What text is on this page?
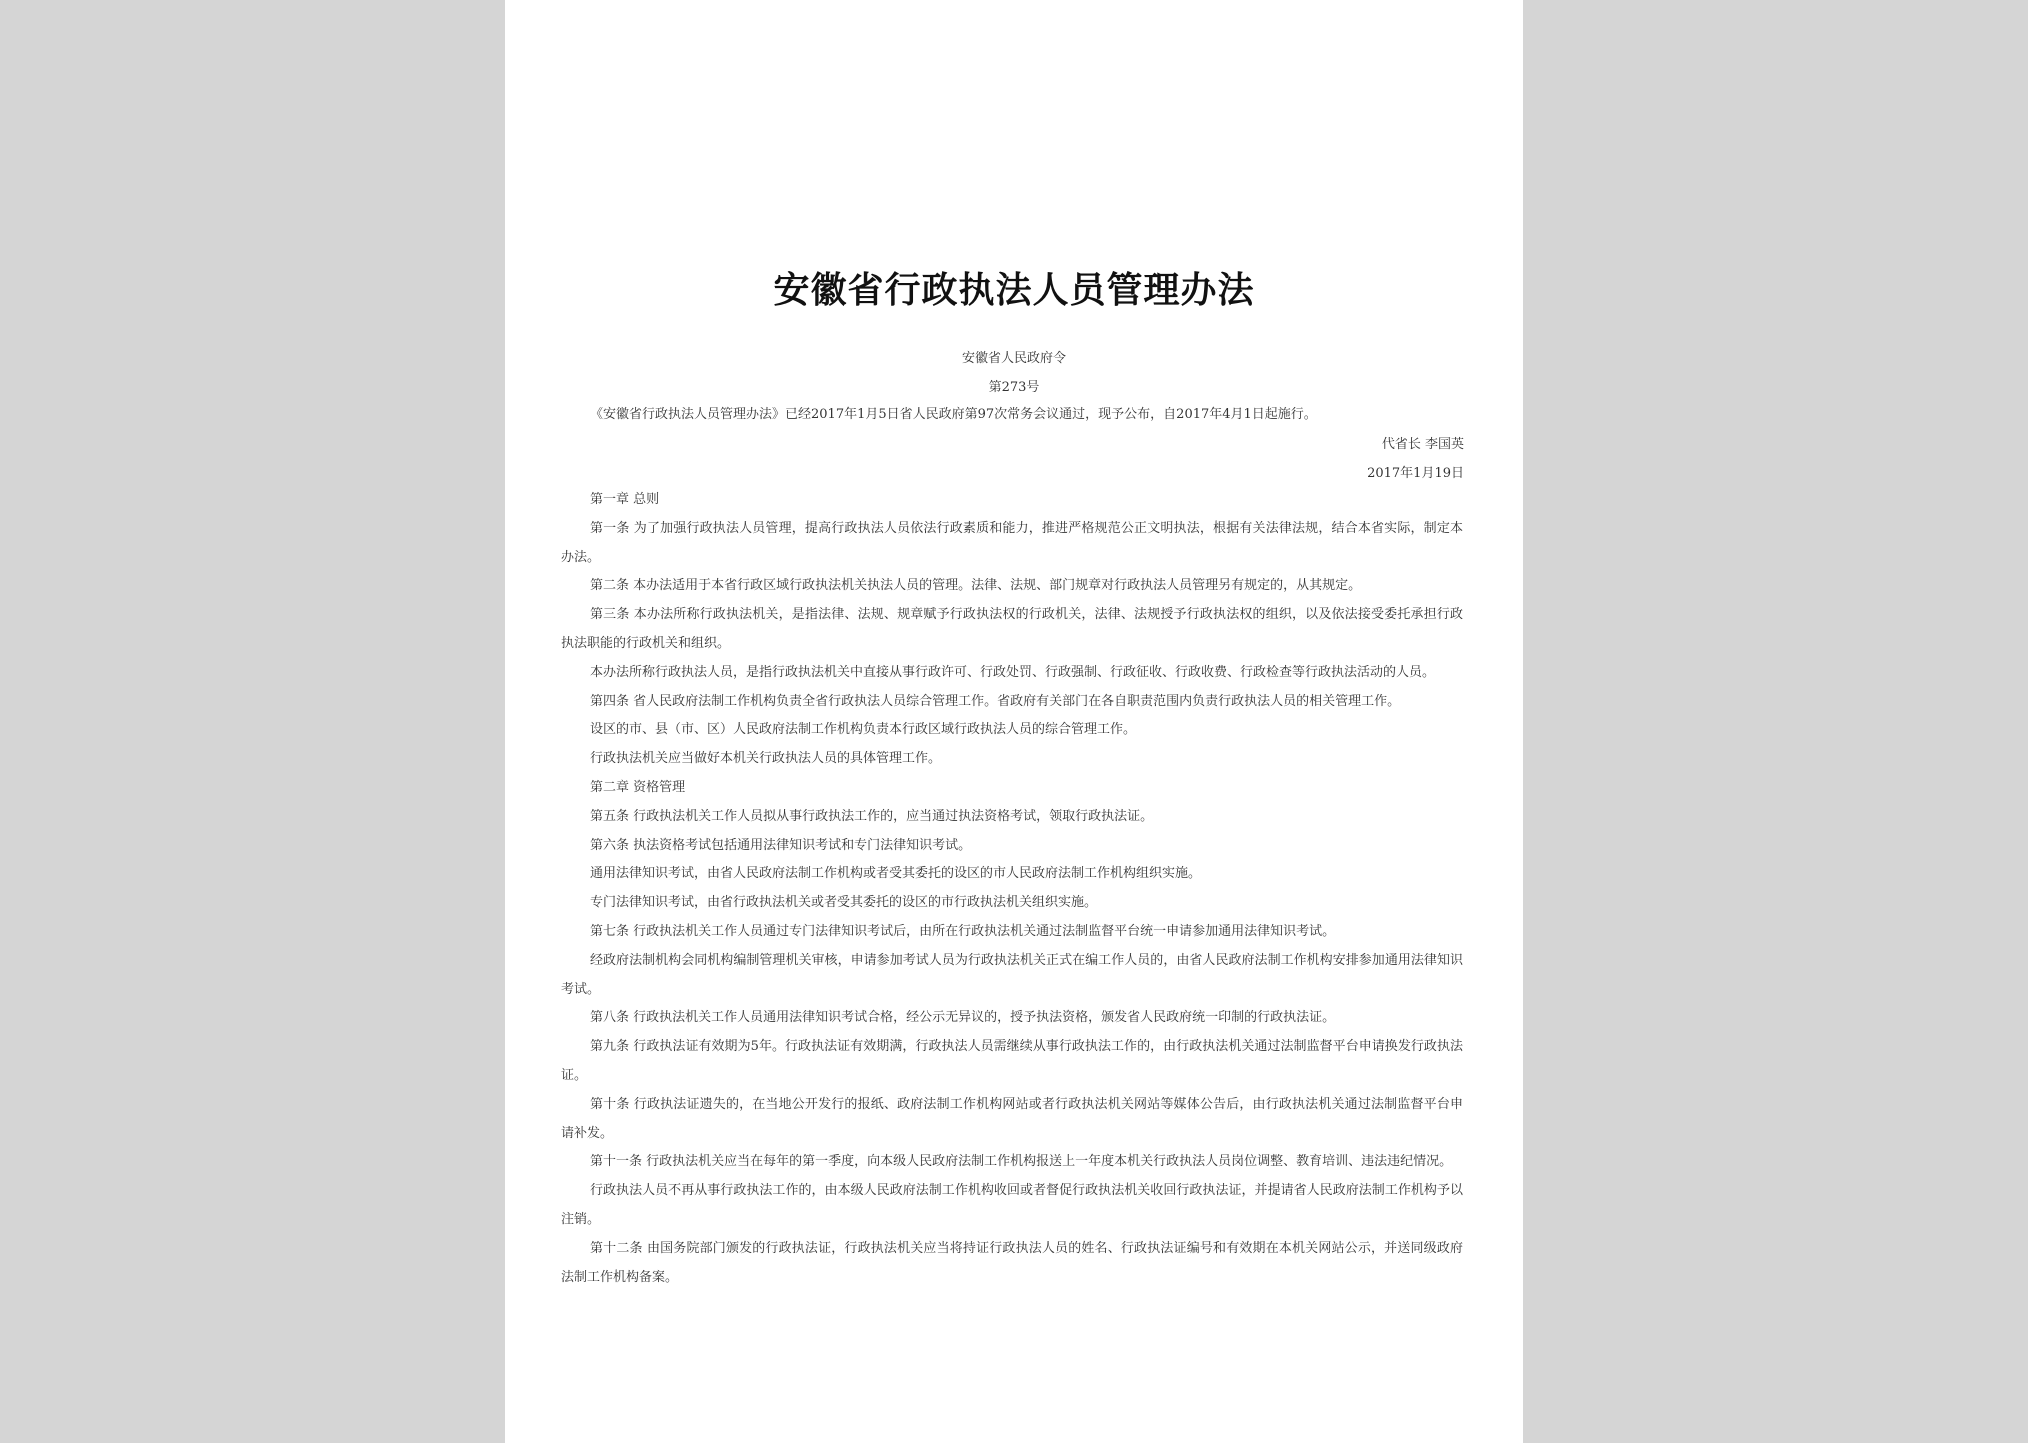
安徽省行政执法人员管理办法
安徽省人民政府令
第273号
《安徽省行政执法人员管理办法》已经2017年1月5日省人民政府第97次常务会议通过，现予公布，自2017年4月1日起施行。
代省长 李国英
2017年1月19日

第一章 总则

第一条 为了加强行政执法人员管理，提高行政执法人员依法行政素质和能力，推进严格规范公正文明执法，根据有关法律法规，结合本省实际，制定本办法。

第二条 本办法适用于本省行政区域行政执法机关执法人员的管理。法律、法规、部门规章对行政执法人员管理另有规定的，从其规定。

第三条 本办法所称行政执法机关，是指法律、法规、规章赋予行政执法权的行政机关，法律、法规授予行政执法权的组织，以及依法接受委托承担行政执法职能的行政机关和组织。

本办法所称行政执法人员，是指行政执法机关中直接从事行政许可、行政处罚、行政强制、行政征收、行政收费、行政检查等行政执法活动的人员。

第四条 省人民政府法制工作机构负责全省行政执法人员综合管理工作。省政府有关部门在各自职责范围内负责行政执法人员的相关管理工作。

设区的市、县（市、区）人民政府法制工作机构负责本行政区域行政执法人员的综合管理工作。

行政执法机关应当做好本机关行政执法人员的具体管理工作。

第二章 资格管理

第五条 行政执法机关工作人员拟从事行政执法工作的，应当通过执法资格考试，领取行政执法证。

第六条 执法资格考试包括通用法律知识考试和专门法律知识考试。

通用法律知识考试，由省人民政府法制工作机构或者受其委托的设区的市人民政府法制工作机构组织实施。

专门法律知识考试，由省行政执法机关或者受其委托的设区的市行政执法机关组织实施。

第七条 行政执法机关工作人员通过专门法律知识考试后，由所在行政执法机关通过法制监督平台统一申请参加通用法律知识考试。

经政府法制机构会同机构编制管理机关审核，申请参加考试人员为行政执法机关正式在编工作人员的，由省人民政府法制工作机构安排参加通用法律知识考试。

第八条 行政执法机关工作人员通用法律知识考试合格，经公示无异议的，授予执法资格，颁发省人民政府统一印制的行政执法证。

第九条 行政执法证有效期为5年。行政执法证有效期满，行政执法人员需继续从事行政执法工作的，由行政执法机关通过法制监督平台申请换发行政执法证。

第十条 行政执法证遗失的，在当地公开发行的报纸、政府法制工作机构网站或者行政执法机关网站等媒体公告后，由行政执法机关通过法制监督平台申请补发。

第十一条 行政执法机关应当在每年的第一季度，向本级人民政府法制工作机构报送上一年度本机关行政执法人员岗位调整、教育培训、违法违纪情况。

行政执法人员不再从事行政执法工作的，由本级人民政府法制工作机构收回或者督促行政执法机关收回行政执法证，并提请省人民政府法制工作机构予以注销。

第十二条 由国务院部门颁发的行政执法证，行政执法机关应当将持证行政执法人员的姓名、行政执法证编号和有效期在本机关网站公示，并送同级政府法制工作机构备案。
